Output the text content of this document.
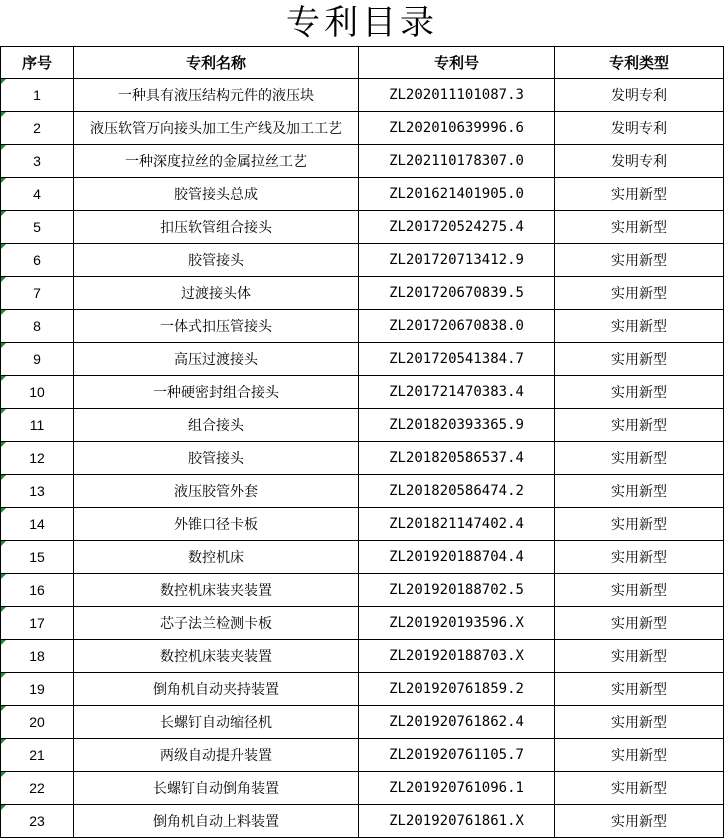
专利目录
序号	专利名称	专利号	专利类型

1	一种具有液压结构元件的液压块	ZL202011101087.3	发明专利

2	液压软管万向接头加工生产线及加工工艺	ZL202010639996.6	发明专利

3	一种深度拉丝的金属拉丝工艺	ZL202110178307.0	发明专利

4	胶管接头总成	ZL201621401905.0	实用新型

5	扣压软管组合接头	ZL201720524275.4	实用新型

6	胶管接头	ZL201720713412.9	实用新型

7	过渡接头体	ZL201720670839.5	实用新型

8	一体式扣压管接头	ZL201720670838.0	实用新型

9	高压过渡接头	ZL201720541384.7	实用新型

10	一种硬密封组合接头	ZL201721470383.4	实用新型

11	组合接头	ZL201820393365.9	实用新型

12	胶管接头	ZL201820586537.4	实用新型

13	液压胶管外套	ZL201820586474.2	实用新型

14	外锥口径卡板	ZL201821147402.4	实用新型

15	数控机床	ZL201920188704.4	实用新型

16	数控机床装夹装置	ZL201920188702.5	实用新型

17	芯子法兰检测卡板	ZL201920193596.X	实用新型

18	数控机床装夹装置	ZL201920188703.X	实用新型

19	倒角机自动夹持装置	ZL201920761859.2	实用新型

20	长螺钉自动缩径机	ZL201920761862.4	实用新型

21	两级自动提升装置	ZL201920761105.7	实用新型

22	长螺钉自动倒角装置	ZL201920761096.1	实用新型

23	倒角机自动上料装置	ZL201920761861.X	实用新型
